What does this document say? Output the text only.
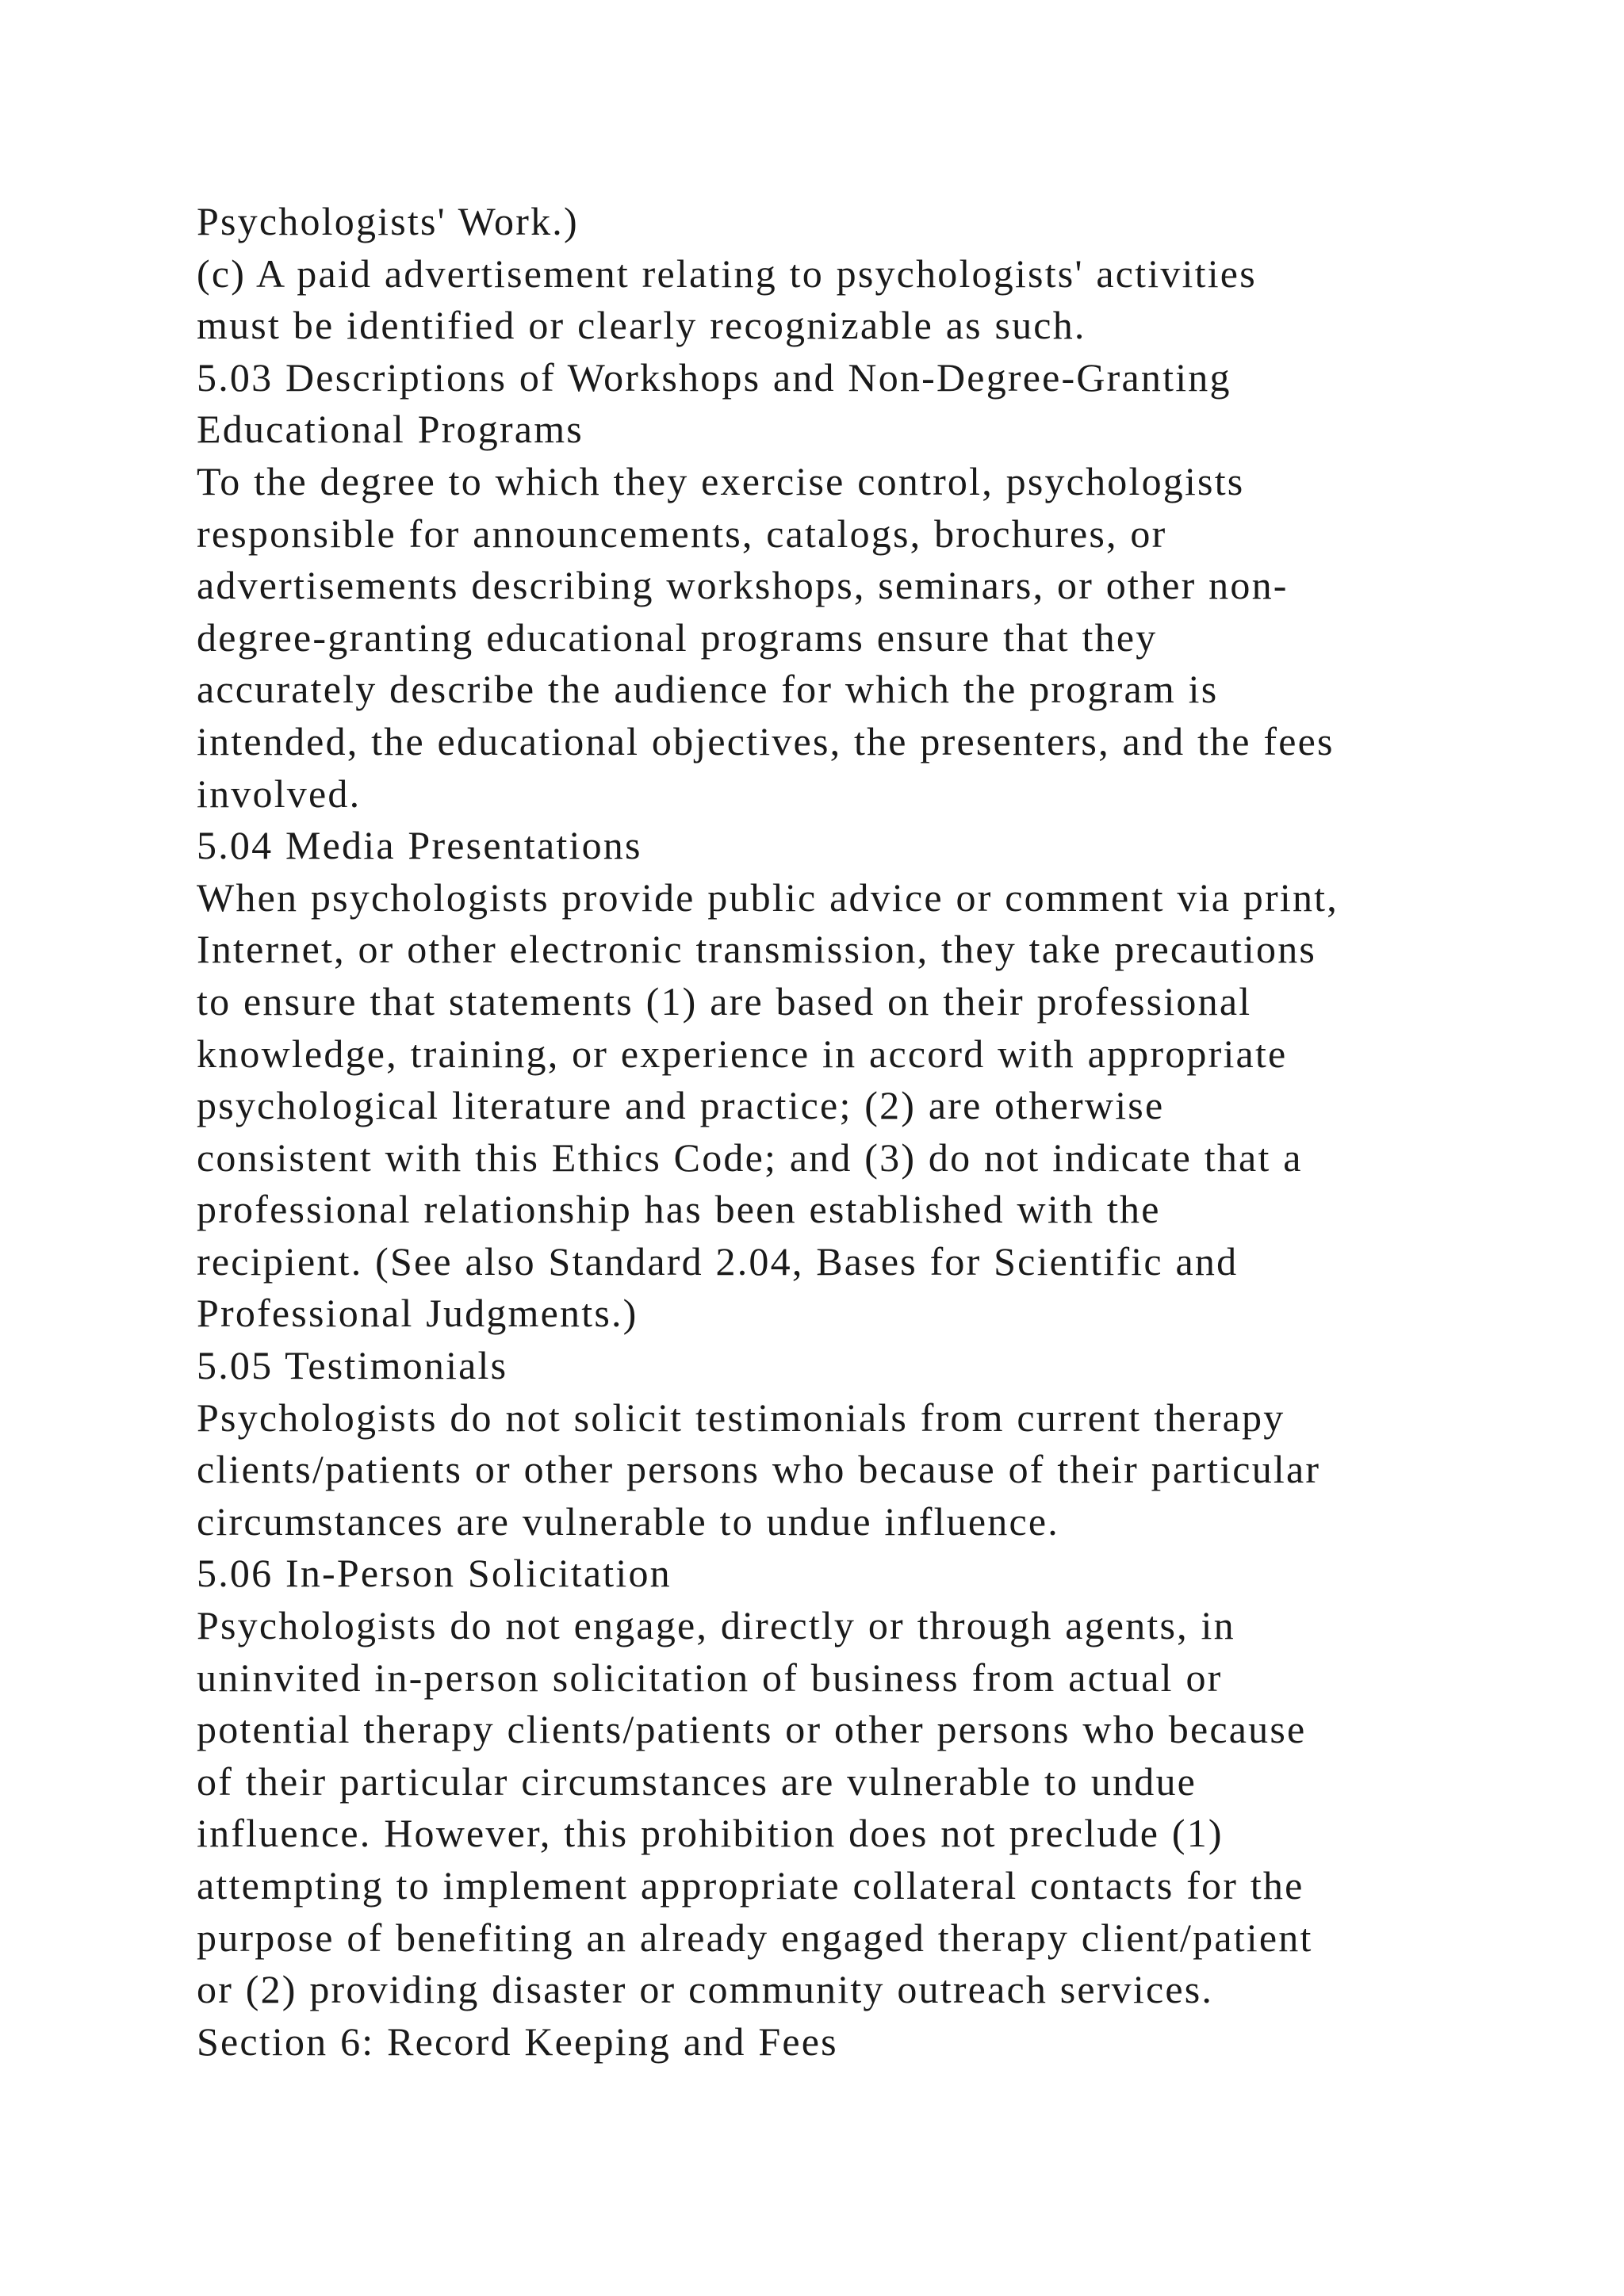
Psychologists' Work.)
(c) A paid advertisement relating to psychologists' activities
must be identified or clearly recognizable as such.
5.03 Descriptions of Workshops and Non-Degree-Granting
Educational Programs
To the degree to which they exercise control, psychologists
responsible for announcements, catalogs, brochures, or
advertisements describing workshops, seminars, or other non-
degree-granting educational programs ensure that they
accurately describe the audience for which the program is
intended, the educational objectives, the presenters, and the fees
involved.
5.04 Media Presentations
When psychologists provide public advice or comment via print,
Internet, or other electronic transmission, they take precautions
to ensure that statements (1) are based on their professional
knowledge, training, or experience in accord with appropriate
psychological literature and practice; (2) are otherwise
consistent with this Ethics Code; and (3) do not indicate that a
professional relationship has been established with the
recipient. (See also Standard 2.04, Bases for Scientific and
Professional Judgments.)
5.05 Testimonials
Psychologists do not solicit testimonials from current therapy
clients/patients or other persons who because of their particular
circumstances are vulnerable to undue influence.
5.06 In-Person Solicitation
Psychologists do not engage, directly or through agents, in
uninvited in-person solicitation of business from actual or
potential therapy clients/patients or other persons who because
of their particular circumstances are vulnerable to undue
influence. However, this prohibition does not preclude (1)
attempting to implement appropriate collateral contacts for the
purpose of benefiting an already engaged therapy client/patient
or (2) providing disaster or community outreach services.
Section 6: Record Keeping and Fees
